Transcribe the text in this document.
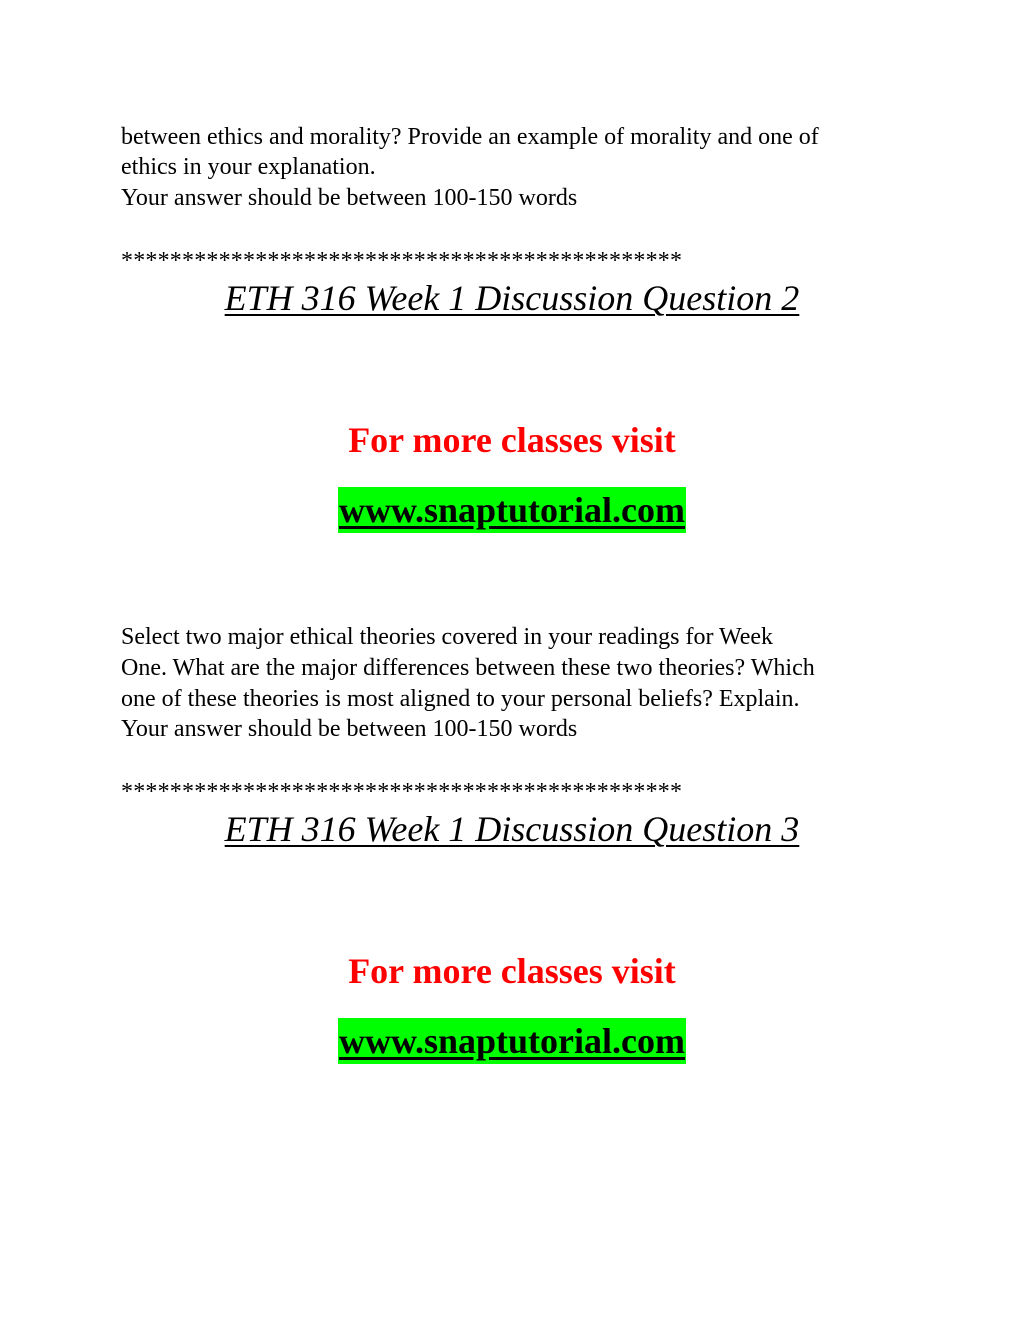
between ethics and morality? Provide an example of morality and one of
ethics in your explanation.
Your answer should be between 100-150 words
**********************************************
ETH 316 Week 1 Discussion Question 2
For more classes visit
www.snaptutorial.com
Select two major ethical theories covered in your readings for Week
One. What are the major differences between these two theories? Which
one of these theories is most aligned to your personal beliefs? Explain.
Your answer should be between 100-150 words
**********************************************
ETH 316 Week 1 Discussion Question 3
For more classes visit
www.snaptutorial.com
